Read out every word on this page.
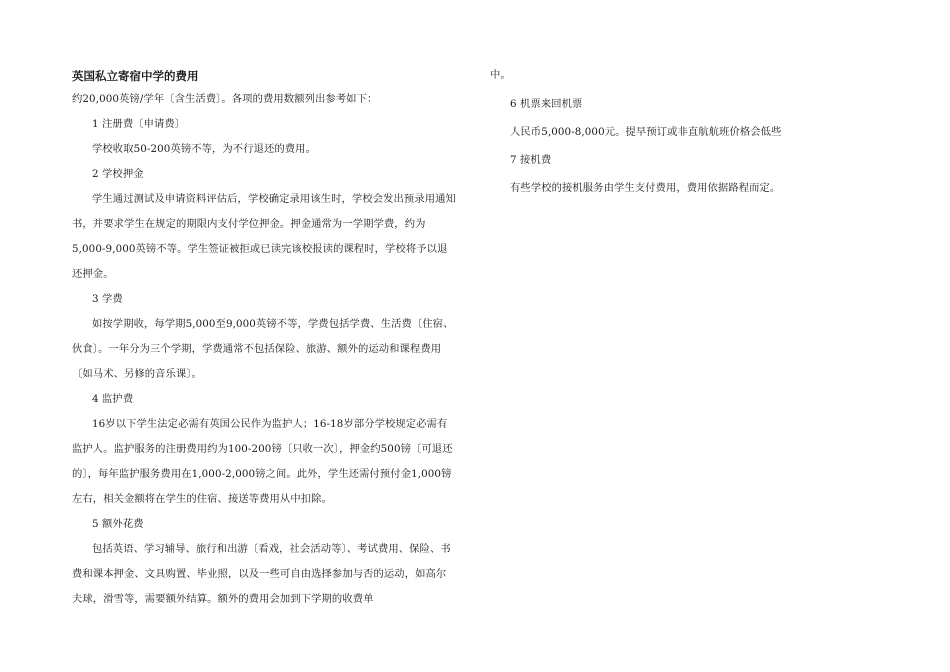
英国私立寄宿中学的费用

约20,000英镑/学年〔含生活费〕。各项的费用数额列出参考如下：

1 注册费〔申请费〕

学校收取50-200英镑不等，为不行退还的费用。

2 学校押金

学生通过测试及申请资料评估后，学校确定录用该生时，学校会发出预录用通知书，并要求学生在规定的期限内支付学位押金。押金通常为一学期学费，约为5,000-9,000英镑不等。学生签证被拒或已读完该校报读的课程时，学校将予以退还押金。

3 学费

如按学期收，每学期5,000至9,000英镑不等，学费包括学费、生活费〔住宿、伙食〕。一年分为三个学期，学费通常不包括保险、旅游、额外的运动和课程费用〔如马术、另修的音乐课〕。

4 监护费

16岁以下学生法定必需有英国公民作为监护人；16-18岁部分学校规定必需有监护人。监护服务的注册费用约为100-200镑〔只收一次〕，押金约500镑〔可退还的〕，每年监护服务费用在1,000-2,000镑之间。此外，学生还需付预付金1,000镑左右，相关金额将在学生的住宿、接送等费用从中扣除。

5 额外花费

包括英语、学习辅导、旅行和出游〔看戏，社会活动等〕、考试费用、保险、书费和课本押金、文具购置、毕业照，以及一些可自由选择参加与否的运动，如高尔夫球，滑雪等，需要额外结算。额外的费用会加到下学期的收费单

中。

6 机票来回机票

人民币5,000-8,000元。提早预订或非直航航班价格会低些

7 接机费

有些学校的接机服务由学生支付费用，费用依据路程而定。
